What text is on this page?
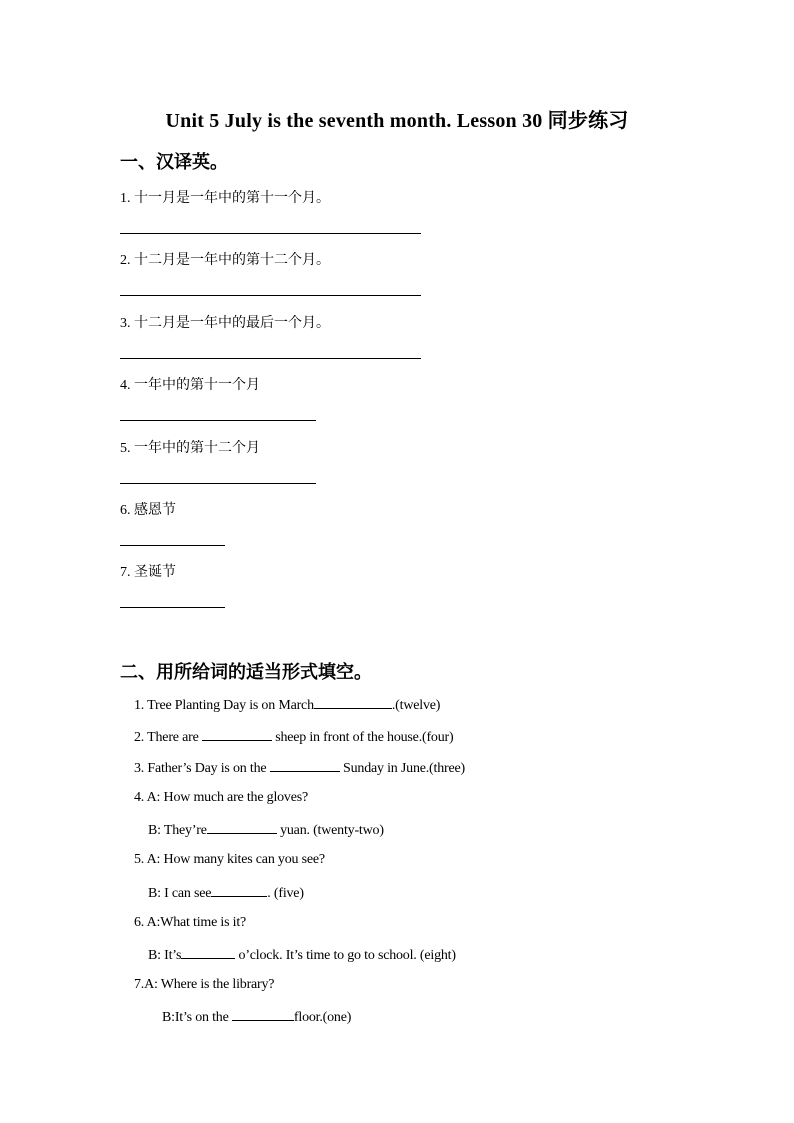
Unit 5 July is the seventh month. Lesson 30 同步练习
一、汉译英。
1. 十一月是一年中的第十一个月。
2. 十二月是一年中的第十二个月。
3. 十二月是一年中的最后一个月。
4. 一年中的第十一个月
5. 一年中的第十二个月
6. 感恩节
7. 圣诞节
二、用所给词的适当形式填空。
1. Tree Planting Day is on March	.(twelve)
2. There are	sheep in front of the house.(four)
3. Father’s Day is on the	Sunday in June.(three)
4. A: How much are the gloves?
B: They’re	yuan. (twenty-two)
5. A: How many kites can you see?
B: I can see	. (five)
6. A:What time is it?
B: It’s	o’clock. It’s time to go to school. (eight)
7.A: Where is the library?
B:It’s on the	floor.(one)
